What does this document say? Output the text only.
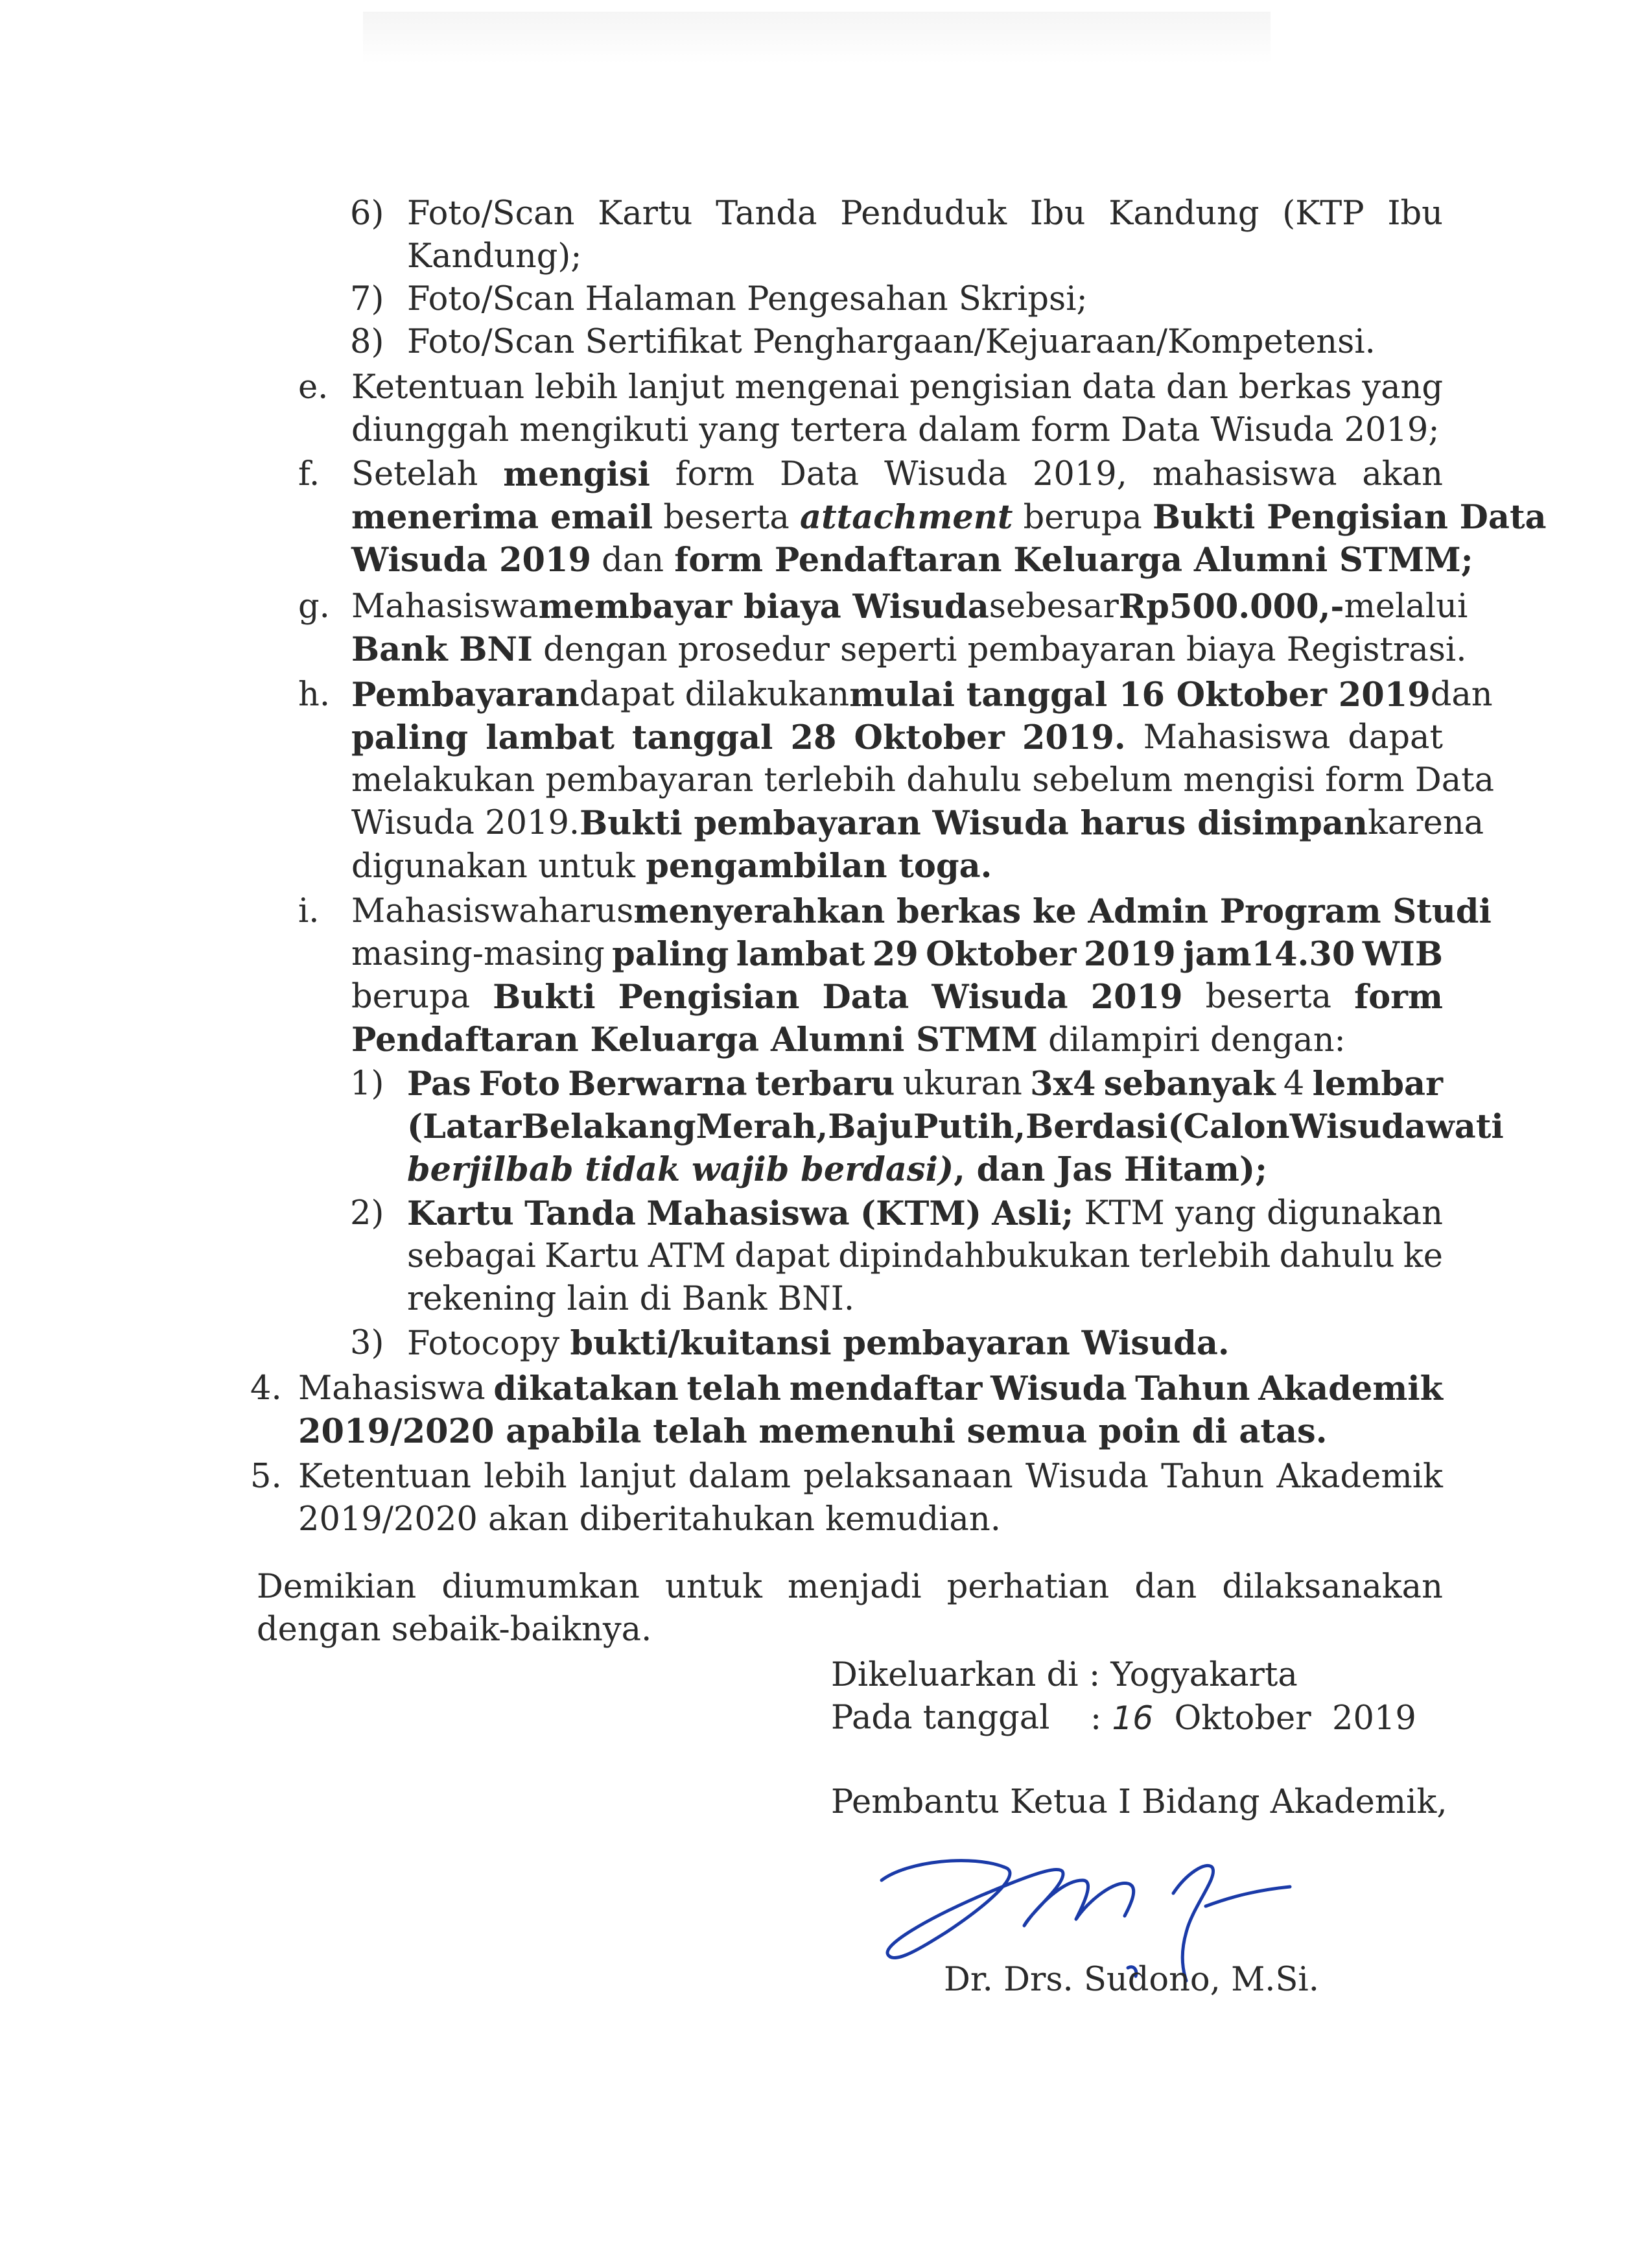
6) Foto/Scan Kartu Tanda Penduduk Ibu Kandung (KTP Ibu

Kandung);

7) Foto/Scan Halaman Pengesahan Skripsi;

8) Foto/Scan Sertifikat Penghargaan/Kejuaraan/Kompetensi.

e. Ketentuan lebih lanjut mengenai pengisian data dan berkas yang

diunggah mengikuti yang tertera dalam form Data Wisuda 2019;

f. Setelah mengisi form Data Wisuda 2019, mahasiswa akan

menerima email beserta attachment berupa Bukti Pengisian Data

Wisuda 2019 dan form Pendaftaran Keluarga Alumni STMM;

g. Mahasiswa membayar biaya Wisuda sebesar Rp500.000,- melalui

Bank BNI dengan prosedur seperti pembayaran biaya Registrasi.

h. Pembayaran dapat dilakukan mulai tanggal 16 Oktober 2019 dan

paling lambat tanggal 28 Oktober 2019. Mahasiswa dapat

melakukan pembayaran terlebih dahulu sebelum mengisi form Data

Wisuda 2019. Bukti pembayaran Wisuda harus disimpan karena

digunakan untuk pengambilan toga.

i. Mahasiswa harus menyerahkan berkas ke Admin Program Studi

masing-masing paling lambat 29 Oktober 2019 jam14.30 WIB

berupa Bukti Pengisian Data Wisuda 2019 beserta form

Pendaftaran Keluarga Alumni STMM dilampiri dengan:

1) Pas Foto Berwarna terbaru ukuran 3x4 sebanyak 4 lembar

(Latar Belakang Merah, Baju Putih, Berdasi (Calon Wisudawati

berjilbab tidak wajib berdasi), dan Jas Hitam);

2) Kartu Tanda Mahasiswa (KTM) Asli; KTM yang digunakan

sebagai Kartu ATM dapat dipindahbukukan terlebih dahulu ke

rekening lain di Bank BNI.

3) Fotocopy bukti/kuitansi pembayaran Wisuda.

4. Mahasiswa dikatakan telah mendaftar Wisuda Tahun Akademik

2019/2020 apabila telah memenuhi semua poin di atas.

5. Ketentuan lebih lanjut dalam pelaksanaan Wisuda Tahun Akademik

2019/2020 akan diberitahukan kemudian.

Demikian diumumkan untuk menjadi perhatian dan dilaksanakan

dengan sebaik-baiknya.

Dikeluarkan di : Yogyakarta

Pada tanggal : 16 Oktober  2019

Pembantu Ketua I Bidang Akademik,

Dr. Drs. Sudono, M.Si.
